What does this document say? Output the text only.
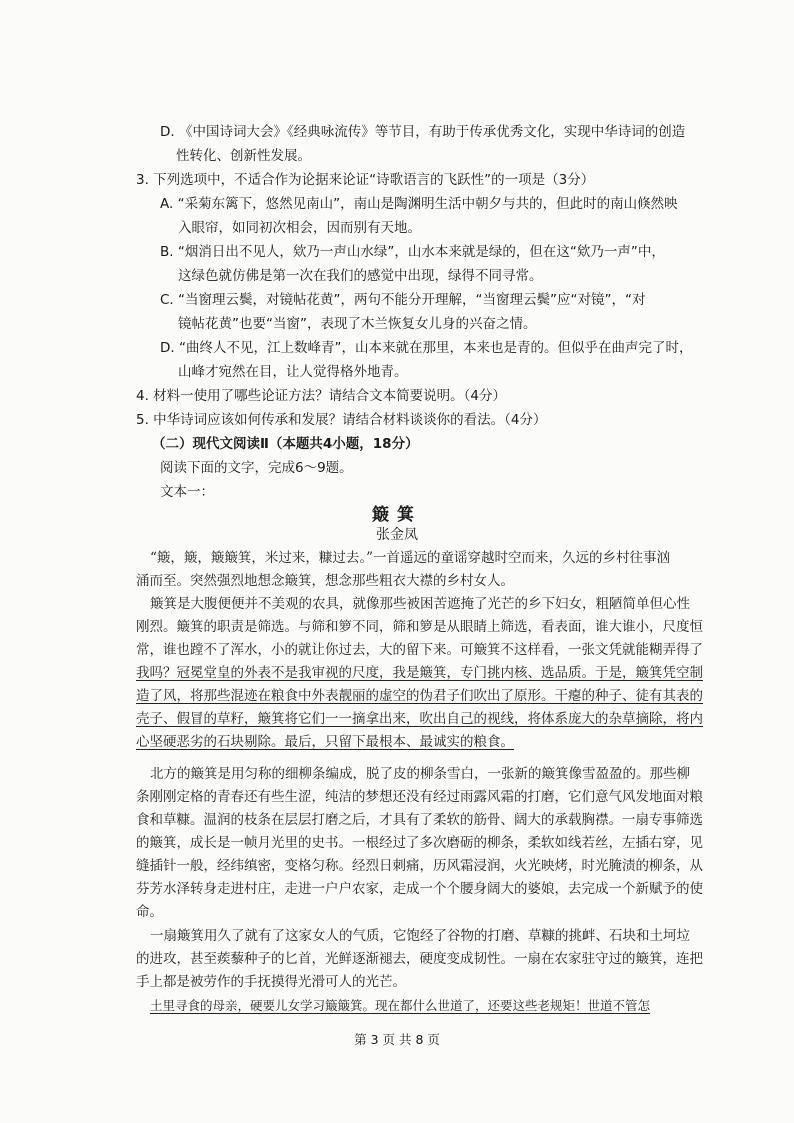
D. 《中国诗词大会》《经典咏流传》等节目，有助于传承优秀文化，实现中华诗词的创造
性转化、创新性发展。
3. 下列选项中，不适合作为论据来论证“诗歌语言的飞跃性”的一项是（3分）
A. “采菊东篱下，悠然见南山”，南山是陶渊明生活中朝夕与共的，但此时的南山倏然映
入眼帘，如同初次相会，因而别有天地。
B. “烟消日出不见人，欸乃一声山水绿”，山水本来就是绿的，但在这“欸乃一声”中，
这绿色就仿佛是第一次在我们的感觉中出现，绿得不同寻常。
C. “当窗理云鬓，对镜帖花黄”，两句不能分开理解，“当窗理云鬓”应“对镜”，“对
镜帖花黄”也要“当窗”，表现了木兰恢复女儿身的兴奋之情。
D. “曲终人不见，江上数峰青”，山本来就在那里，本来也是青的。但似乎在曲声完了时，
山峰才宛然在目，让人觉得格外地青。
4. 材料一使用了哪些论证方法？请结合文本简要说明。（4分）
5. 中华诗词应该如何传承和发展？请结合材料谈谈你的看法。（4分）
（二）现代文阅读Ⅱ（本题共4小题，18分）
阅读下面的文字，完成6～9题。
文本一：
簸箕
张金凤
“簸，簸，簸簸箕，米过来，糠过去。”一首遥远的童谣穿越时空而来，久远的乡村往事汹
涌而至。突然强烈地想念簸箕，想念那些粗衣大襟的乡村女人。
簸箕是大腹便便并不美观的农具，就像那些被困苦遮掩了光芒的乡下妇女，粗陋简单但心性
刚烈。簸箕的职责是筛选。与筛和箩不同，筛和箩是从眼睛上筛选，看表面，谁大谁小，尺度恒
常，谁也蹚不了浑水，小的就让你过去，大的留下来。可簸箕不这样看，一张文凭就能糊弄得了
我吗？冠冕堂皇的外表不是我审视的尺度，我是簸箕，专门挑内核、选品质。于是，簸箕凭空制
造了风，将那些混迹在粮食中外表靓丽的虚空的伪君子们吹出了原形。干瘪的种子、徒有其表的
壳子、假冒的草籽，簸箕将它们一一摘拿出来，吹出自己的视线，将体系庞大的杂草摘除，将内
心坚硬恶劣的石块剔除。最后，只留下最根本、最诚实的粮食。
北方的簸箕是用匀称的细柳条编成，脱了皮的柳条雪白，一张新的簸箕像雪盈盈的。那些柳
条刚刚定格的青春还有些生涩，纯洁的梦想还没有经过雨露风霜的打磨，它们意气风发地面对粮
食和草糠。温润的枝条在层层打磨之后，才具有了柔软的筋骨、阔大的承载胸襟。一扇专事筛选
的簸箕，成长是一帧月光里的史书。一根经过了多次磨砺的柳条，柔软如线若丝，左插右穿，见
缝插针一般，经纬缜密，变格匀称。经烈日刺痛，历风霜浸润，火光映烤，时光腌渍的柳条，从
芬芳水泽转身走进村庄，走进一户户农家，走成一个个腰身阔大的婆娘，去完成一个新赋予的使
命。
一扇簸箕用久了就有了这家女人的气质，它饱经了谷物的打磨、草糠的挑衅、石块和土坷垃
的进攻，甚至蒺藜种子的匕首，光鲜逐渐褪去，硬度变成韧性。一扇在农家驻守过的簸箕，连把
手上都是被劳作的手抚摸得光滑可人的光芒。
土里寻食的母亲，硬要儿女学习簸簸箕。现在都什么世道了，还要这些老规矩！世道不管怎
第 3 页 共 8 页
